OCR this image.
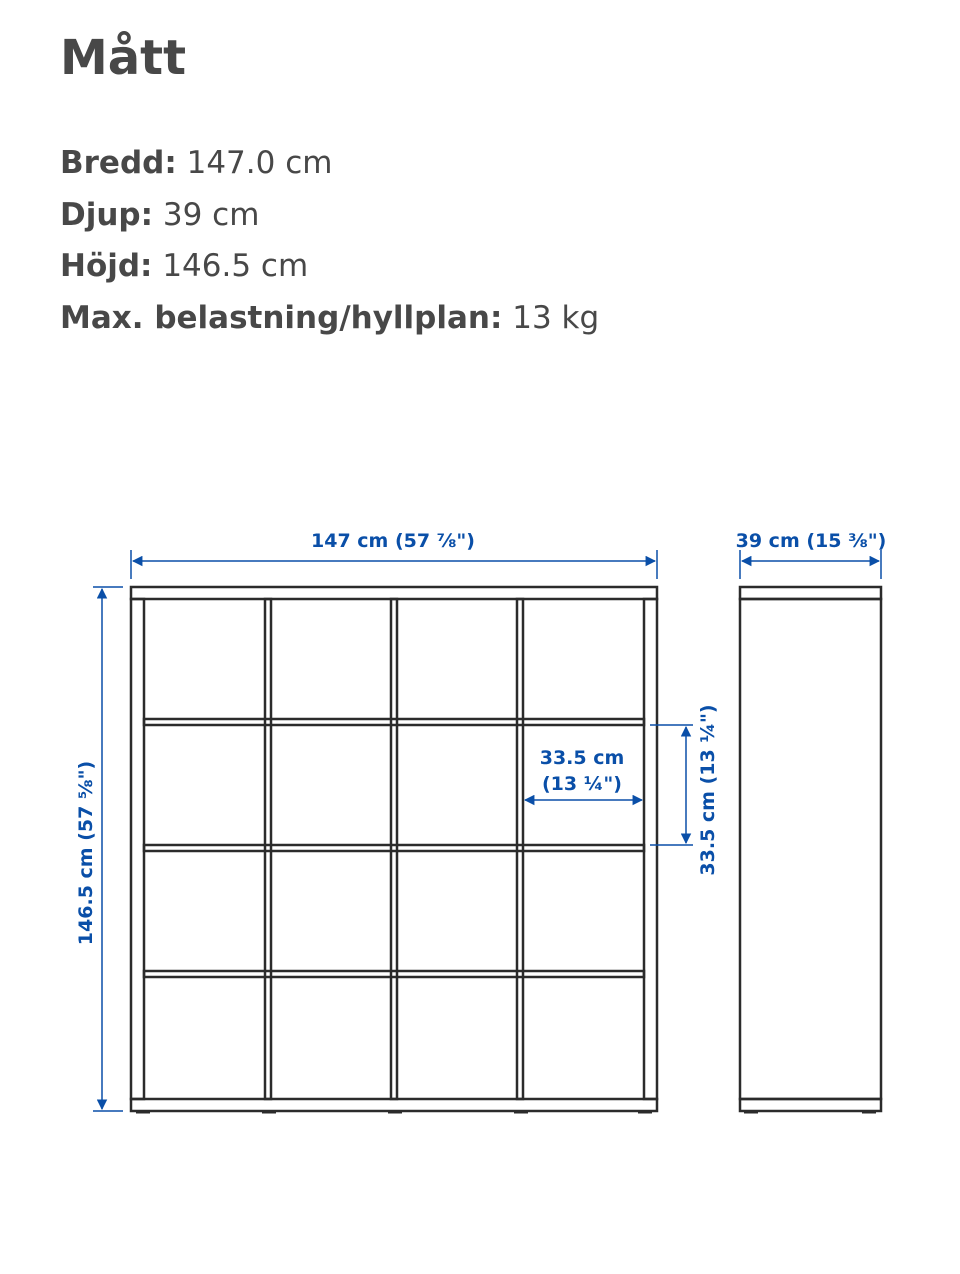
Mått
Bredd: 147.0 cm
Djup: 39 cm
Höjd: 146.5 cm
Max. belastning/hyllplan: 13 kg
147 cm (57 ⅞")	39 cm (15 ⅜")
146.5 cm (57 ⅝")
33.5 cm
(13 ¼")	33.5 cm (13 ¼")
